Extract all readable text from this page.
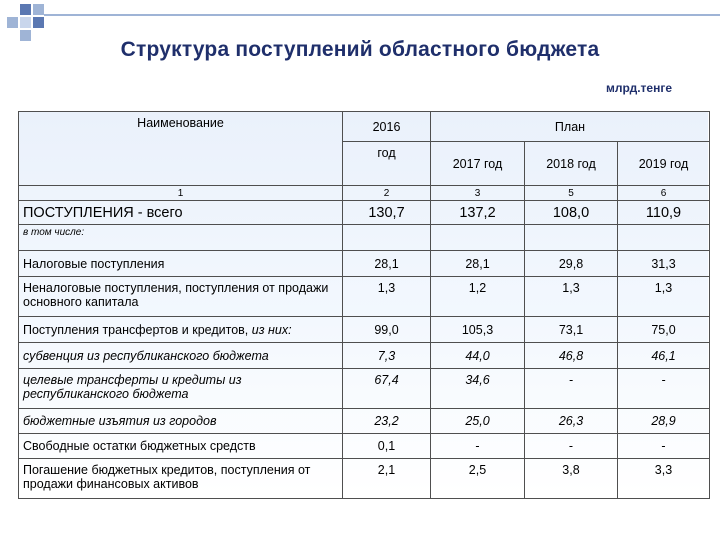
Структура поступлений областного бюджета
млрд.тенге
Наименование	2016	План		
	год	2017 год	2018 год	2019 год
1	2	3	5	6
ПОСТУПЛЕНИЯ - всего	130,7	137,2	108,0	110,9
в том числе:				
Налоговые поступления	28,1	28,1	29,8	31,3
Неналоговые поступления, поступления от продажи основного капитала	1,3	1,2	1,3	1,3
Поступления трансфертов и кредитов, из них:	99,0	105,3	73,1	75,0
субвенция из республиканского бюджета	7,3	44,0	46,8	46,1
целевые трансферты и кредиты из республиканского бюджета	67,4	34,6	-	-
бюджетные изъятия из городов	23,2	25,0	26,3	28,9
Свободные остатки бюджетных средств	0,1	-	-	-
Погашение бюджетных кредитов, поступления от продажи финансовых активов	2,1	2,5	3,8	3,3
